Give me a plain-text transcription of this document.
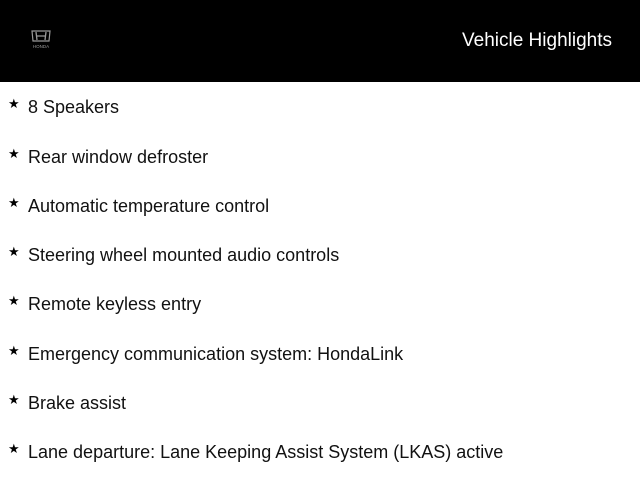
HONDA	Vehicle Highlights
★ 8 Speakers
★ Rear window defroster
★ Automatic temperature control
★ Steering wheel mounted audio controls
★ Remote keyless entry
★ Emergency communication system: HondaLink
★ Brake assist
★ Lane departure: Lane Keeping Assist System (LKAS) active
